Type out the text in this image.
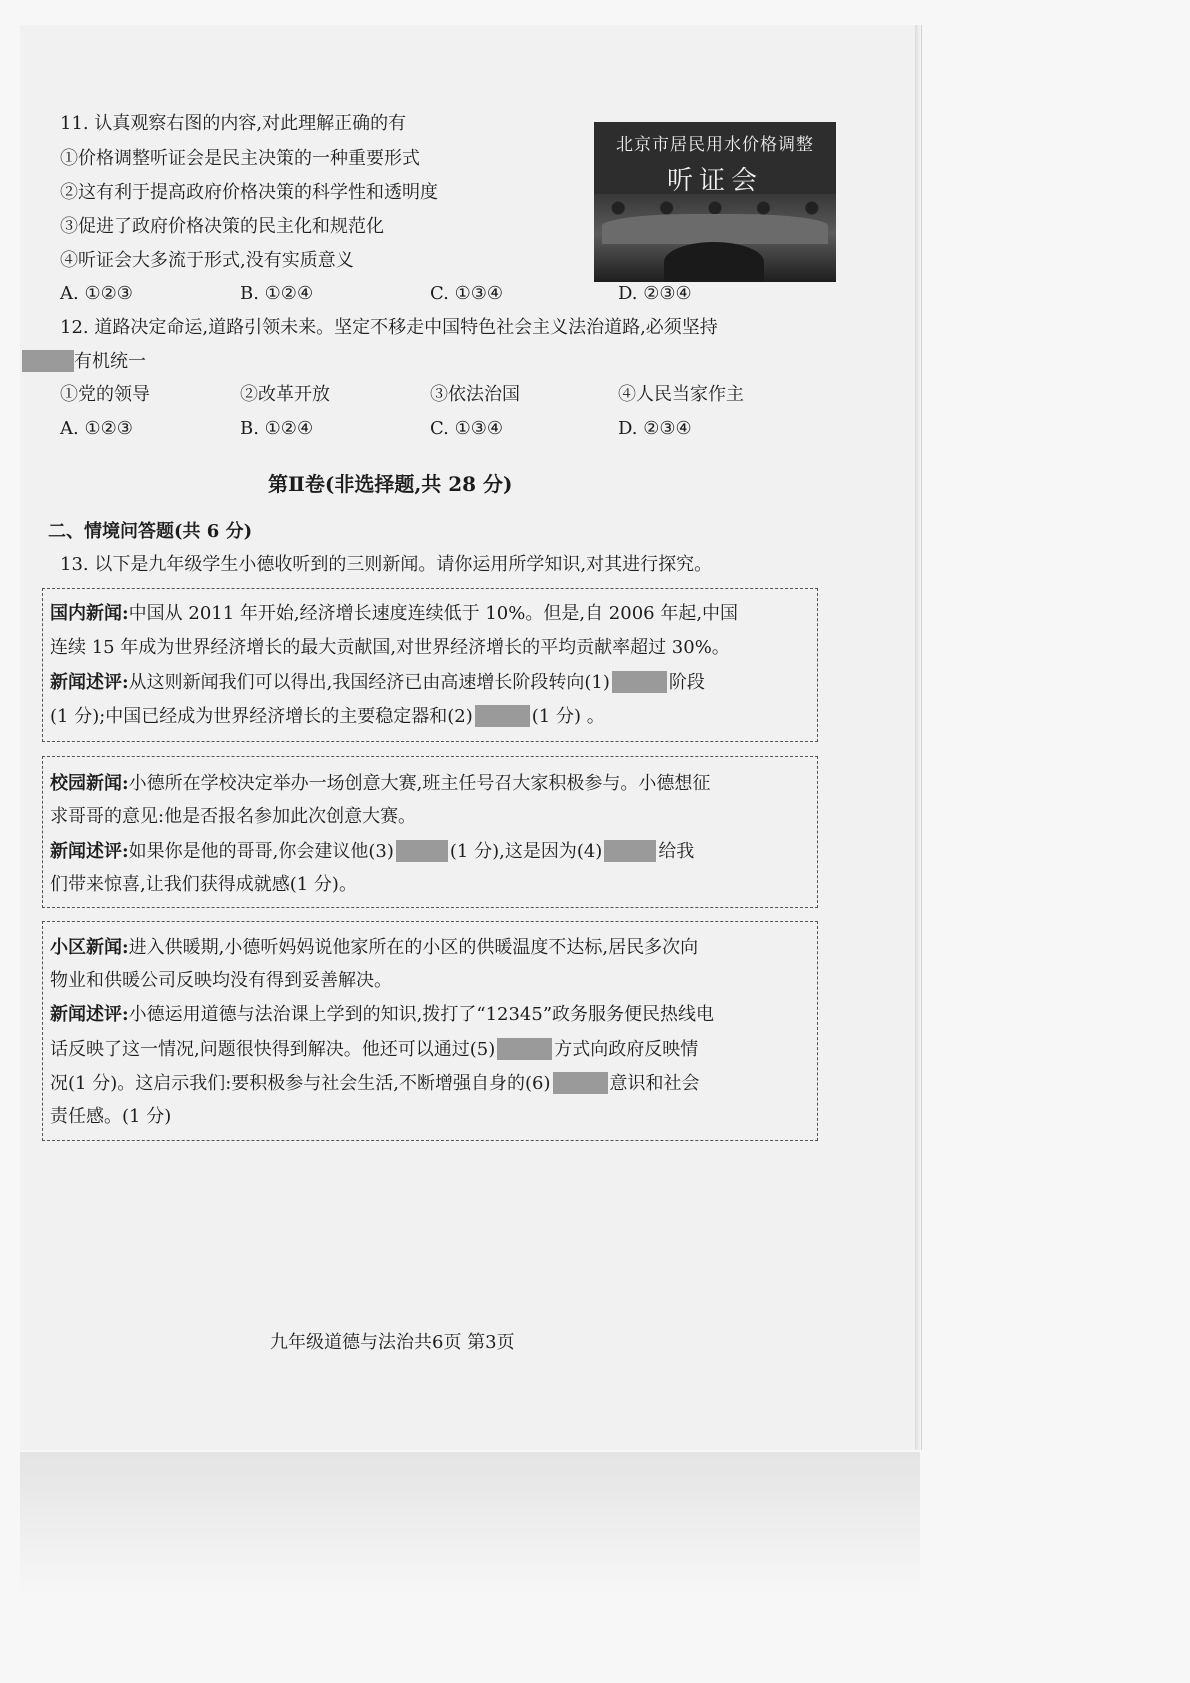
11. 认真观察右图的内容,对此理解正确的有
①价格调整听证会是民主决策的一种重要形式
②这有利于提高政府价格决策的科学性和透明度
③促进了政府价格决策的民主化和规范化
④听证会大多流于形式,没有实质意义
北京市居民用水价格调整
听证会
A. ①②③	B. ①②④	C. ①③④	D. ②③④
12. 道路决定命运,道路引领未来。坚定不移走中国特色社会主义法治道路,必须坚持
有机统一
①党的领导	②改革开放	③依法治国	④人民当家作主
A. ①②③	B. ①②④	C. ①③④	D. ②③④
第Ⅱ卷(非选择题,共 28 分)
二、情境问答题(共 6 分)
13. 以下是九年级学生小德收听到的三则新闻。请你运用所学知识,对其进行探究。
国内新闻:中国从 2011 年开始,经济增长速度连续低于 10%。但是,自 2006 年起,中国
连续 15 年成为世界经济增长的最大贡献国,对世界经济增长的平均贡献率超过 30%。
新闻述评:从这则新闻我们可以得出,我国经济已由高速增长阶段转向(1)	阶段
(1 分);中国已经成为世界经济增长的主要稳定器和(2)	(1 分) 。
校园新闻:小德所在学校决定举办一场创意大赛,班主任号召大家积极参与。小德想征
求哥哥的意见:他是否报名参加此次创意大赛。
新闻述评:如果你是他的哥哥,你会建议他(3)	(1 分),这是因为(4)	给我
们带来惊喜,让我们获得成就感(1 分)。
小区新闻:进入供暖期,小德听妈妈说他家所在的小区的供暖温度不达标,居民多次向
物业和供暖公司反映均没有得到妥善解决。
新闻述评:小德运用道德与法治课上学到的知识,拨打了“12345”政务服务便民热线电
话反映了这一情况,问题很快得到解决。他还可以通过(5)	方式向政府反映情
况(1 分)。这启示我们:要积极参与社会生活,不断增强自身的(6)	意识和社会
责任感。(1 分)
九年级道德与法治共6页 第3页
